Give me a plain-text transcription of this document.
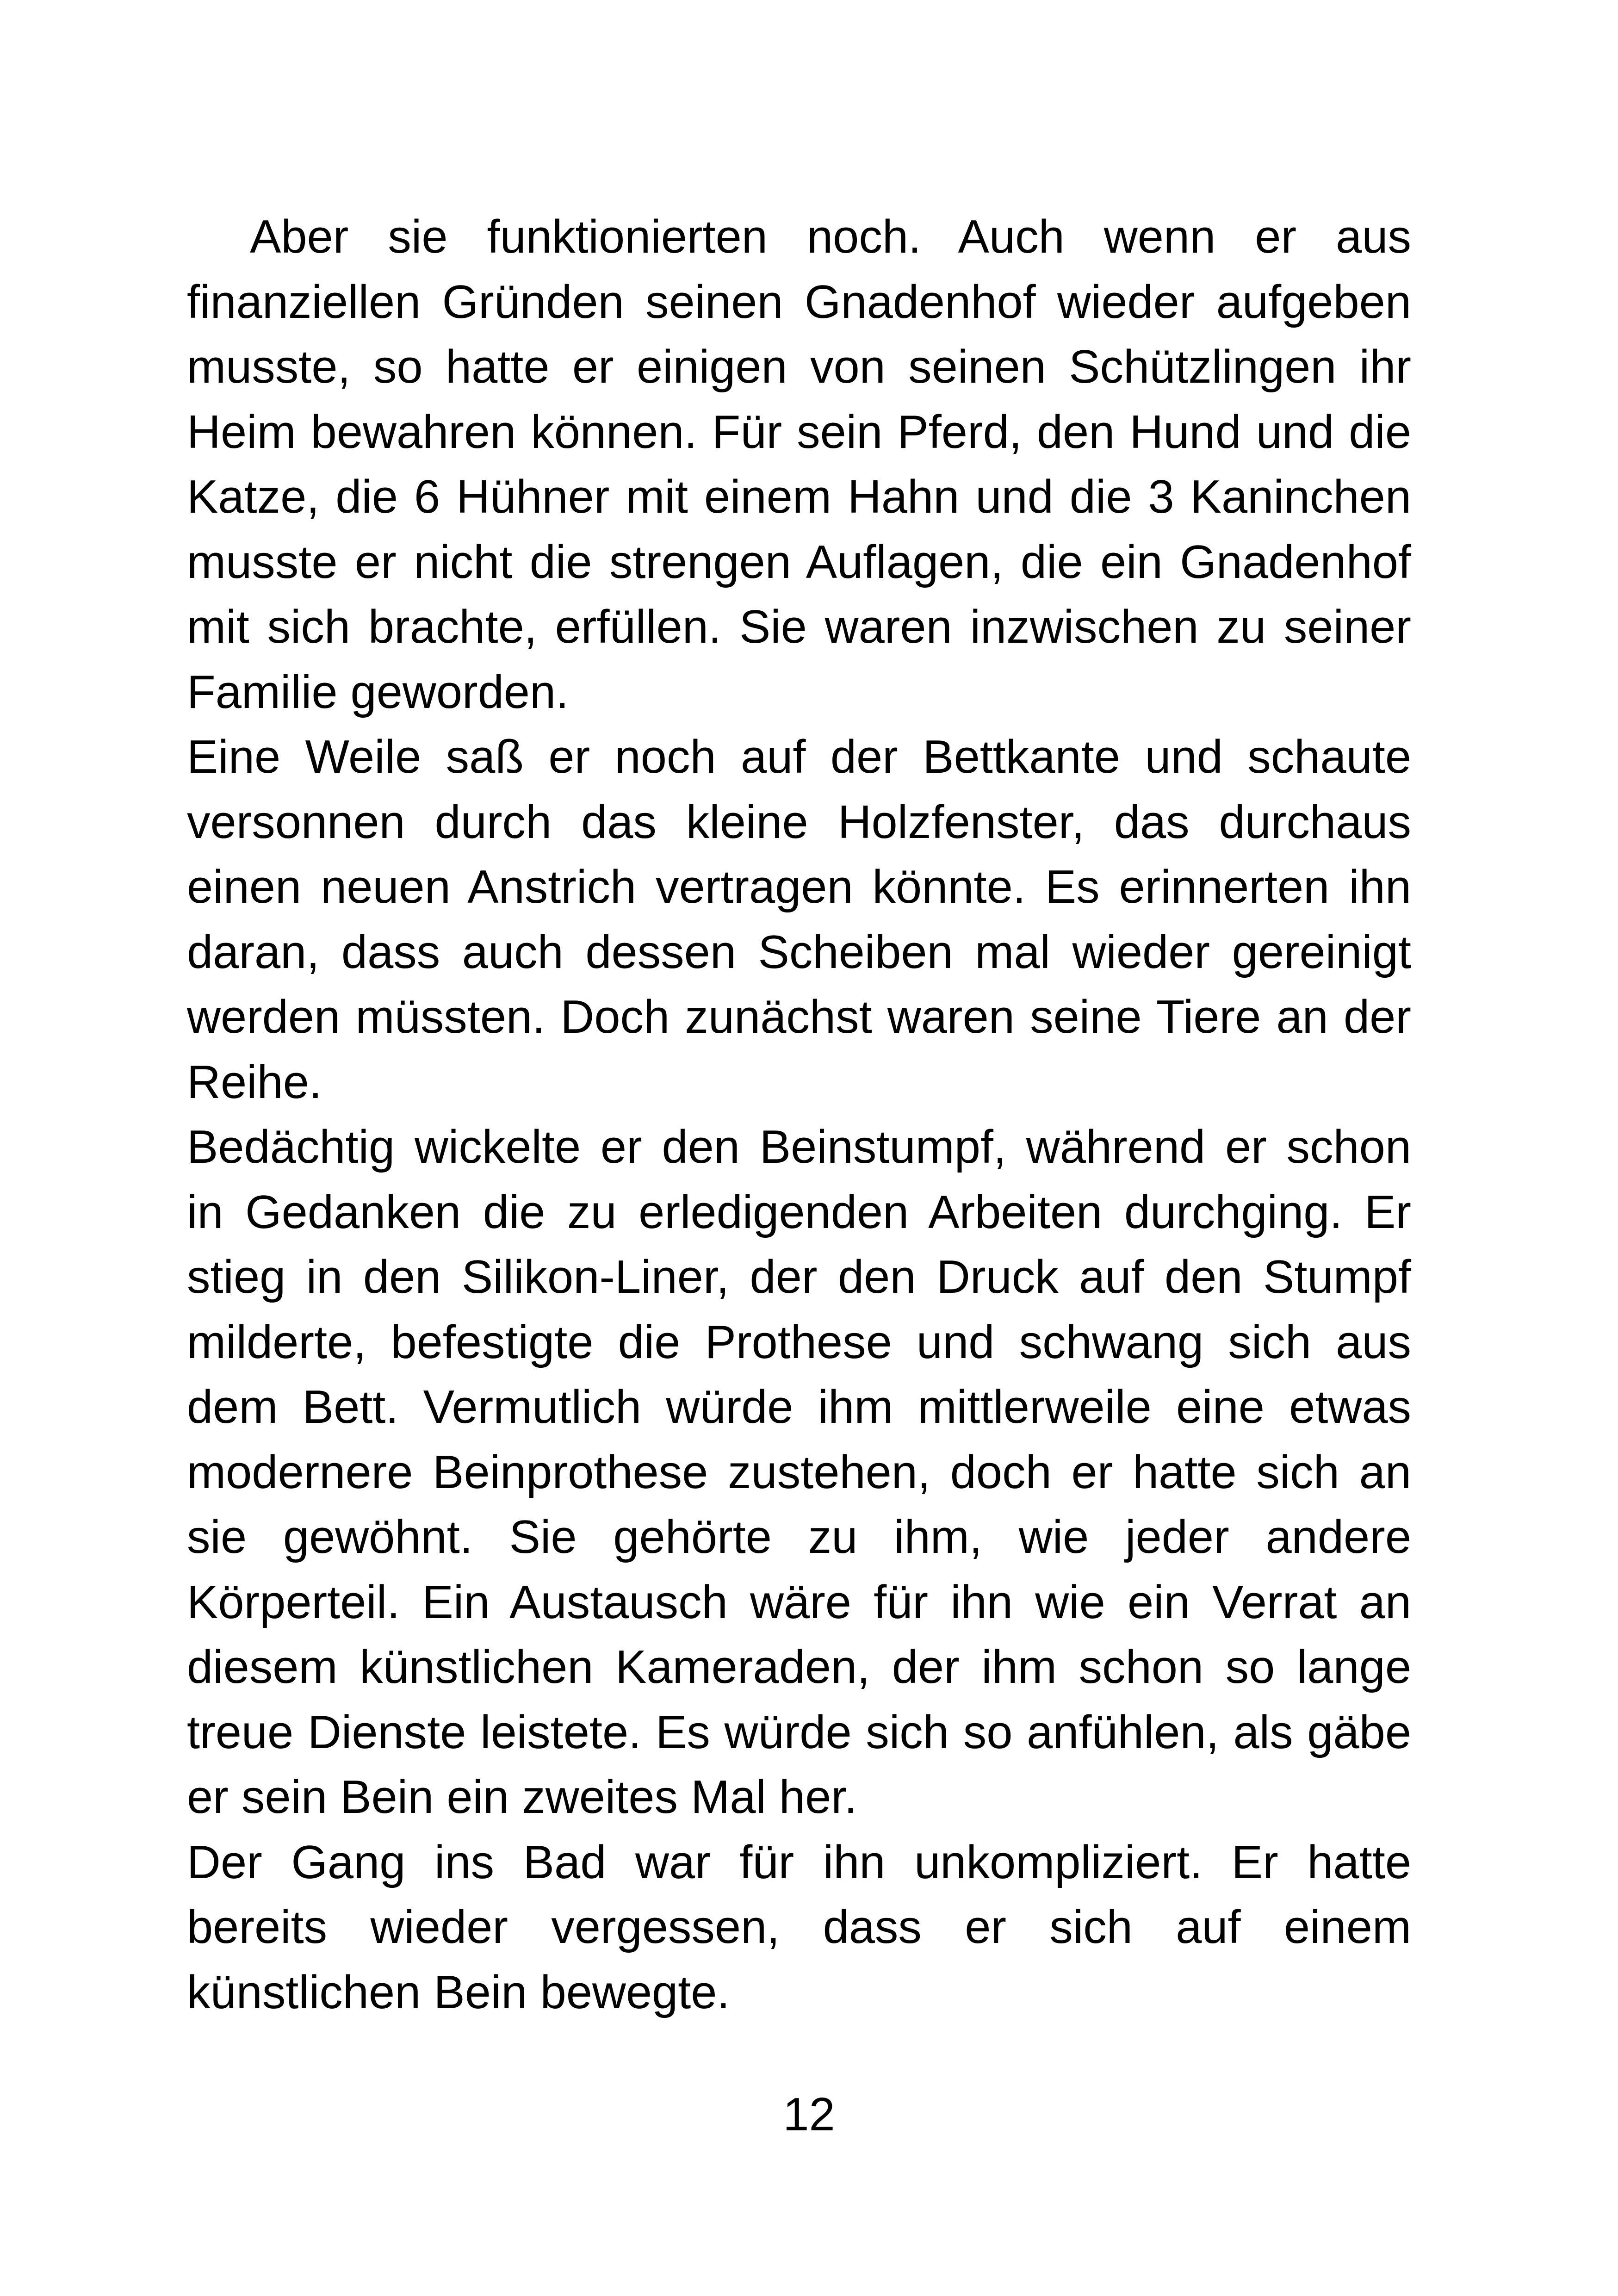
Aber sie funktionierten noch. Auch wenn er aus finanziellen Gründen seinen Gnadenhof wieder aufgeben musste, so hatte er einigen von seinen Schützlingen ihr Heim bewahren können. Für sein Pferd, den Hund und die Katze, die 6 Hühner mit einem Hahn und die 3 Kaninchen musste er nicht die strengen Auflagen, die ein Gnadenhof mit sich brachte, erfüllen. Sie waren inzwischen zu seiner Familie geworden.

Eine Weile saß er noch auf der Bettkante und schaute versonnen durch das kleine Holzfenster, das durchaus einen neuen Anstrich vertragen könnte. Es erinnerten ihn daran, dass auch dessen Scheiben mal wieder gereinigt werden müssten. Doch zunächst waren seine Tiere an der Reihe.

Bedächtig wickelte er den Beinstumpf, während er schon in Gedanken die zu erledigenden Arbeiten durchging. Er stieg in den Silikon-Liner, der den Druck auf den Stumpf milderte, befestigte die Prothese und schwang sich aus dem Bett. Vermutlich würde ihm mittlerweile eine etwas modernere Beinprothese zustehen, doch er hatte sich an sie gewöhnt. Sie gehörte zu ihm, wie jeder andere Körperteil. Ein Austausch wäre für ihn wie ein Verrat an diesem künstlichen Kameraden, der ihm schon so lange treue Dienste leistete. Es würde sich so anfühlen, als gäbe er sein Bein ein zweites Mal her.

Der Gang ins Bad war für ihn unkompliziert. Er hatte bereits wieder vergessen, dass er sich auf einem künstlichen Bein bewegte.

12
